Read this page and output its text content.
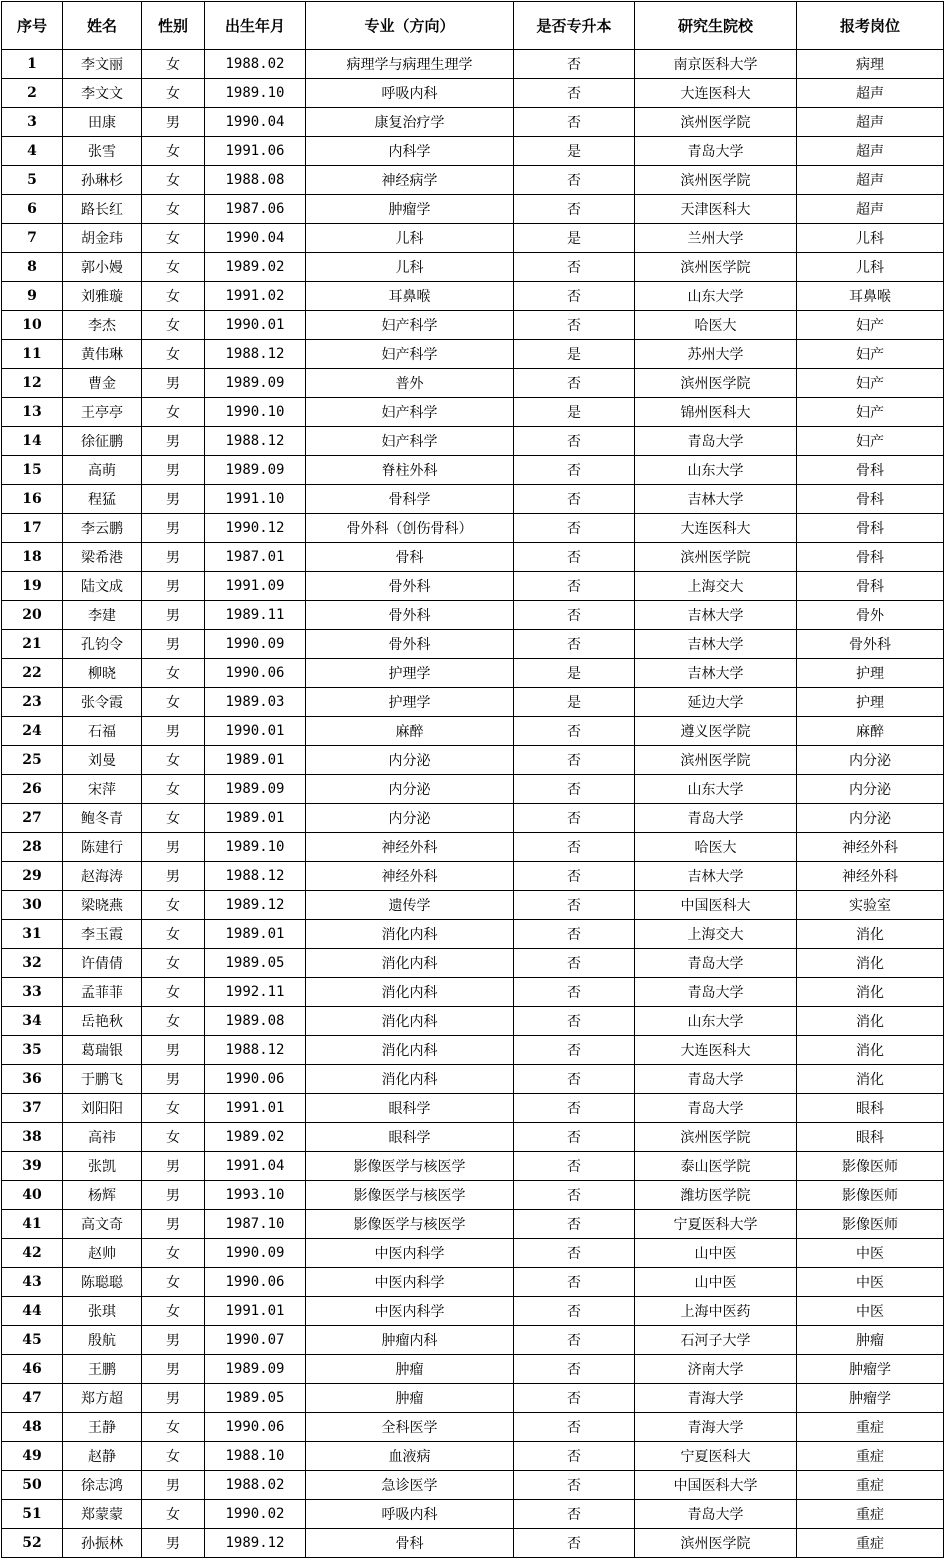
序号	姓名	性别	出生年月	专业（方向）	是否专升本	研究生院校	报考岗位
1	李文丽	女	1988.02	病理学与病理生理学	否	南京医科大学	病理
2	李文文	女	1989.10	呼吸内科	否	大连医科大	超声
3	田康	男	1990.04	康复治疗学	否	滨州医学院	超声
4	张雪	女	1991.06	内科学	是	青岛大学	超声
5	孙琳杉	女	1988.08	神经病学	否	滨州医学院	超声
6	路长红	女	1987.06	肿瘤学	否	天津医科大	超声
7	胡金玮	女	1990.04	儿科	是	兰州大学	儿科
8	郭小嫚	女	1989.02	儿科	否	滨州医学院	儿科
9	刘雅璇	女	1991.02	耳鼻喉	否	山东大学	耳鼻喉
10	李杰	女	1990.01	妇产科学	否	哈医大	妇产
11	黄伟琳	女	1988.12	妇产科学	是	苏州大学	妇产
12	曹金	男	1989.09	普外	否	滨州医学院	妇产
13	王亭亭	女	1990.10	妇产科学	是	锦州医科大	妇产
14	徐征鹏	男	1988.12	妇产科学	否	青岛大学	妇产
15	高萌	男	1989.09	脊柱外科	否	山东大学	骨科
16	程猛	男	1991.10	骨科学	否	吉林大学	骨科
17	李云鹏	男	1990.12	骨外科（创伤骨科）	否	大连医科大	骨科
18	梁希港	男	1987.01	骨科	否	滨州医学院	骨科
19	陆文成	男	1991.09	骨外科	否	上海交大	骨科
20	李建	男	1989.11	骨外科	否	吉林大学	骨外
21	孔钧令	男	1990.09	骨外科	否	吉林大学	骨外科
22	柳晓	女	1990.06	护理学	是	吉林大学	护理
23	张令霞	女	1989.03	护理学	是	延边大学	护理
24	石福	男	1990.01	麻醉	否	遵义医学院	麻醉
25	刘曼	女	1989.01	内分泌	否	滨州医学院	内分泌
26	宋萍	女	1989.09	内分泌	否	山东大学	内分泌
27	鲍冬青	女	1989.01	内分泌	否	青岛大学	内分泌
28	陈建行	男	1989.10	神经外科	否	哈医大	神经外科
29	赵海涛	男	1988.12	神经外科	否	吉林大学	神经外科
30	梁晓燕	女	1989.12	遗传学	否	中国医科大	实验室
31	李玉霞	女	1989.01	消化内科	否	上海交大	消化
32	许倩倩	女	1989.05	消化内科	否	青岛大学	消化
33	孟菲菲	女	1992.11	消化内科	否	青岛大学	消化
34	岳艳秋	女	1989.08	消化内科	否	山东大学	消化
35	葛瑞银	男	1988.12	消化内科	否	大连医科大	消化
36	于鹏飞	男	1990.06	消化内科	否	青岛大学	消化
37	刘阳阳	女	1991.01	眼科学	否	青岛大学	眼科
38	高祎	女	1989.02	眼科学	否	滨州医学院	眼科
39	张凯	男	1991.04	影像医学与核医学	否	泰山医学院	影像医师
40	杨辉	男	1993.10	影像医学与核医学	否	潍坊医学院	影像医师
41	高文奇	男	1987.10	影像医学与核医学	否	宁夏医科大学	影像医师
42	赵帅	女	1990.09	中医内科学	否	山中医	中医
43	陈聪聪	女	1990.06	中医内科学	否	山中医	中医
44	张琪	女	1991.01	中医内科学	否	上海中医药	中医
45	殷航	男	1990.07	肿瘤内科	否	石河子大学	肿瘤
46	王鹏	男	1989.09	肿瘤	否	济南大学	肿瘤学
47	郑方超	男	1989.05	肿瘤	否	青海大学	肿瘤学
48	王静	女	1990.06	全科医学	否	青海大学	重症
49	赵静	女	1988.10	血液病	否	宁夏医科大	重症
50	徐志鸿	男	1988.02	急诊医学	否	中国医科大学	重症
51	郑蒙蒙	女	1990.02	呼吸内科	否	青岛大学	重症
52	孙振林	男	1989.12	骨科	否	滨州医学院	重症
